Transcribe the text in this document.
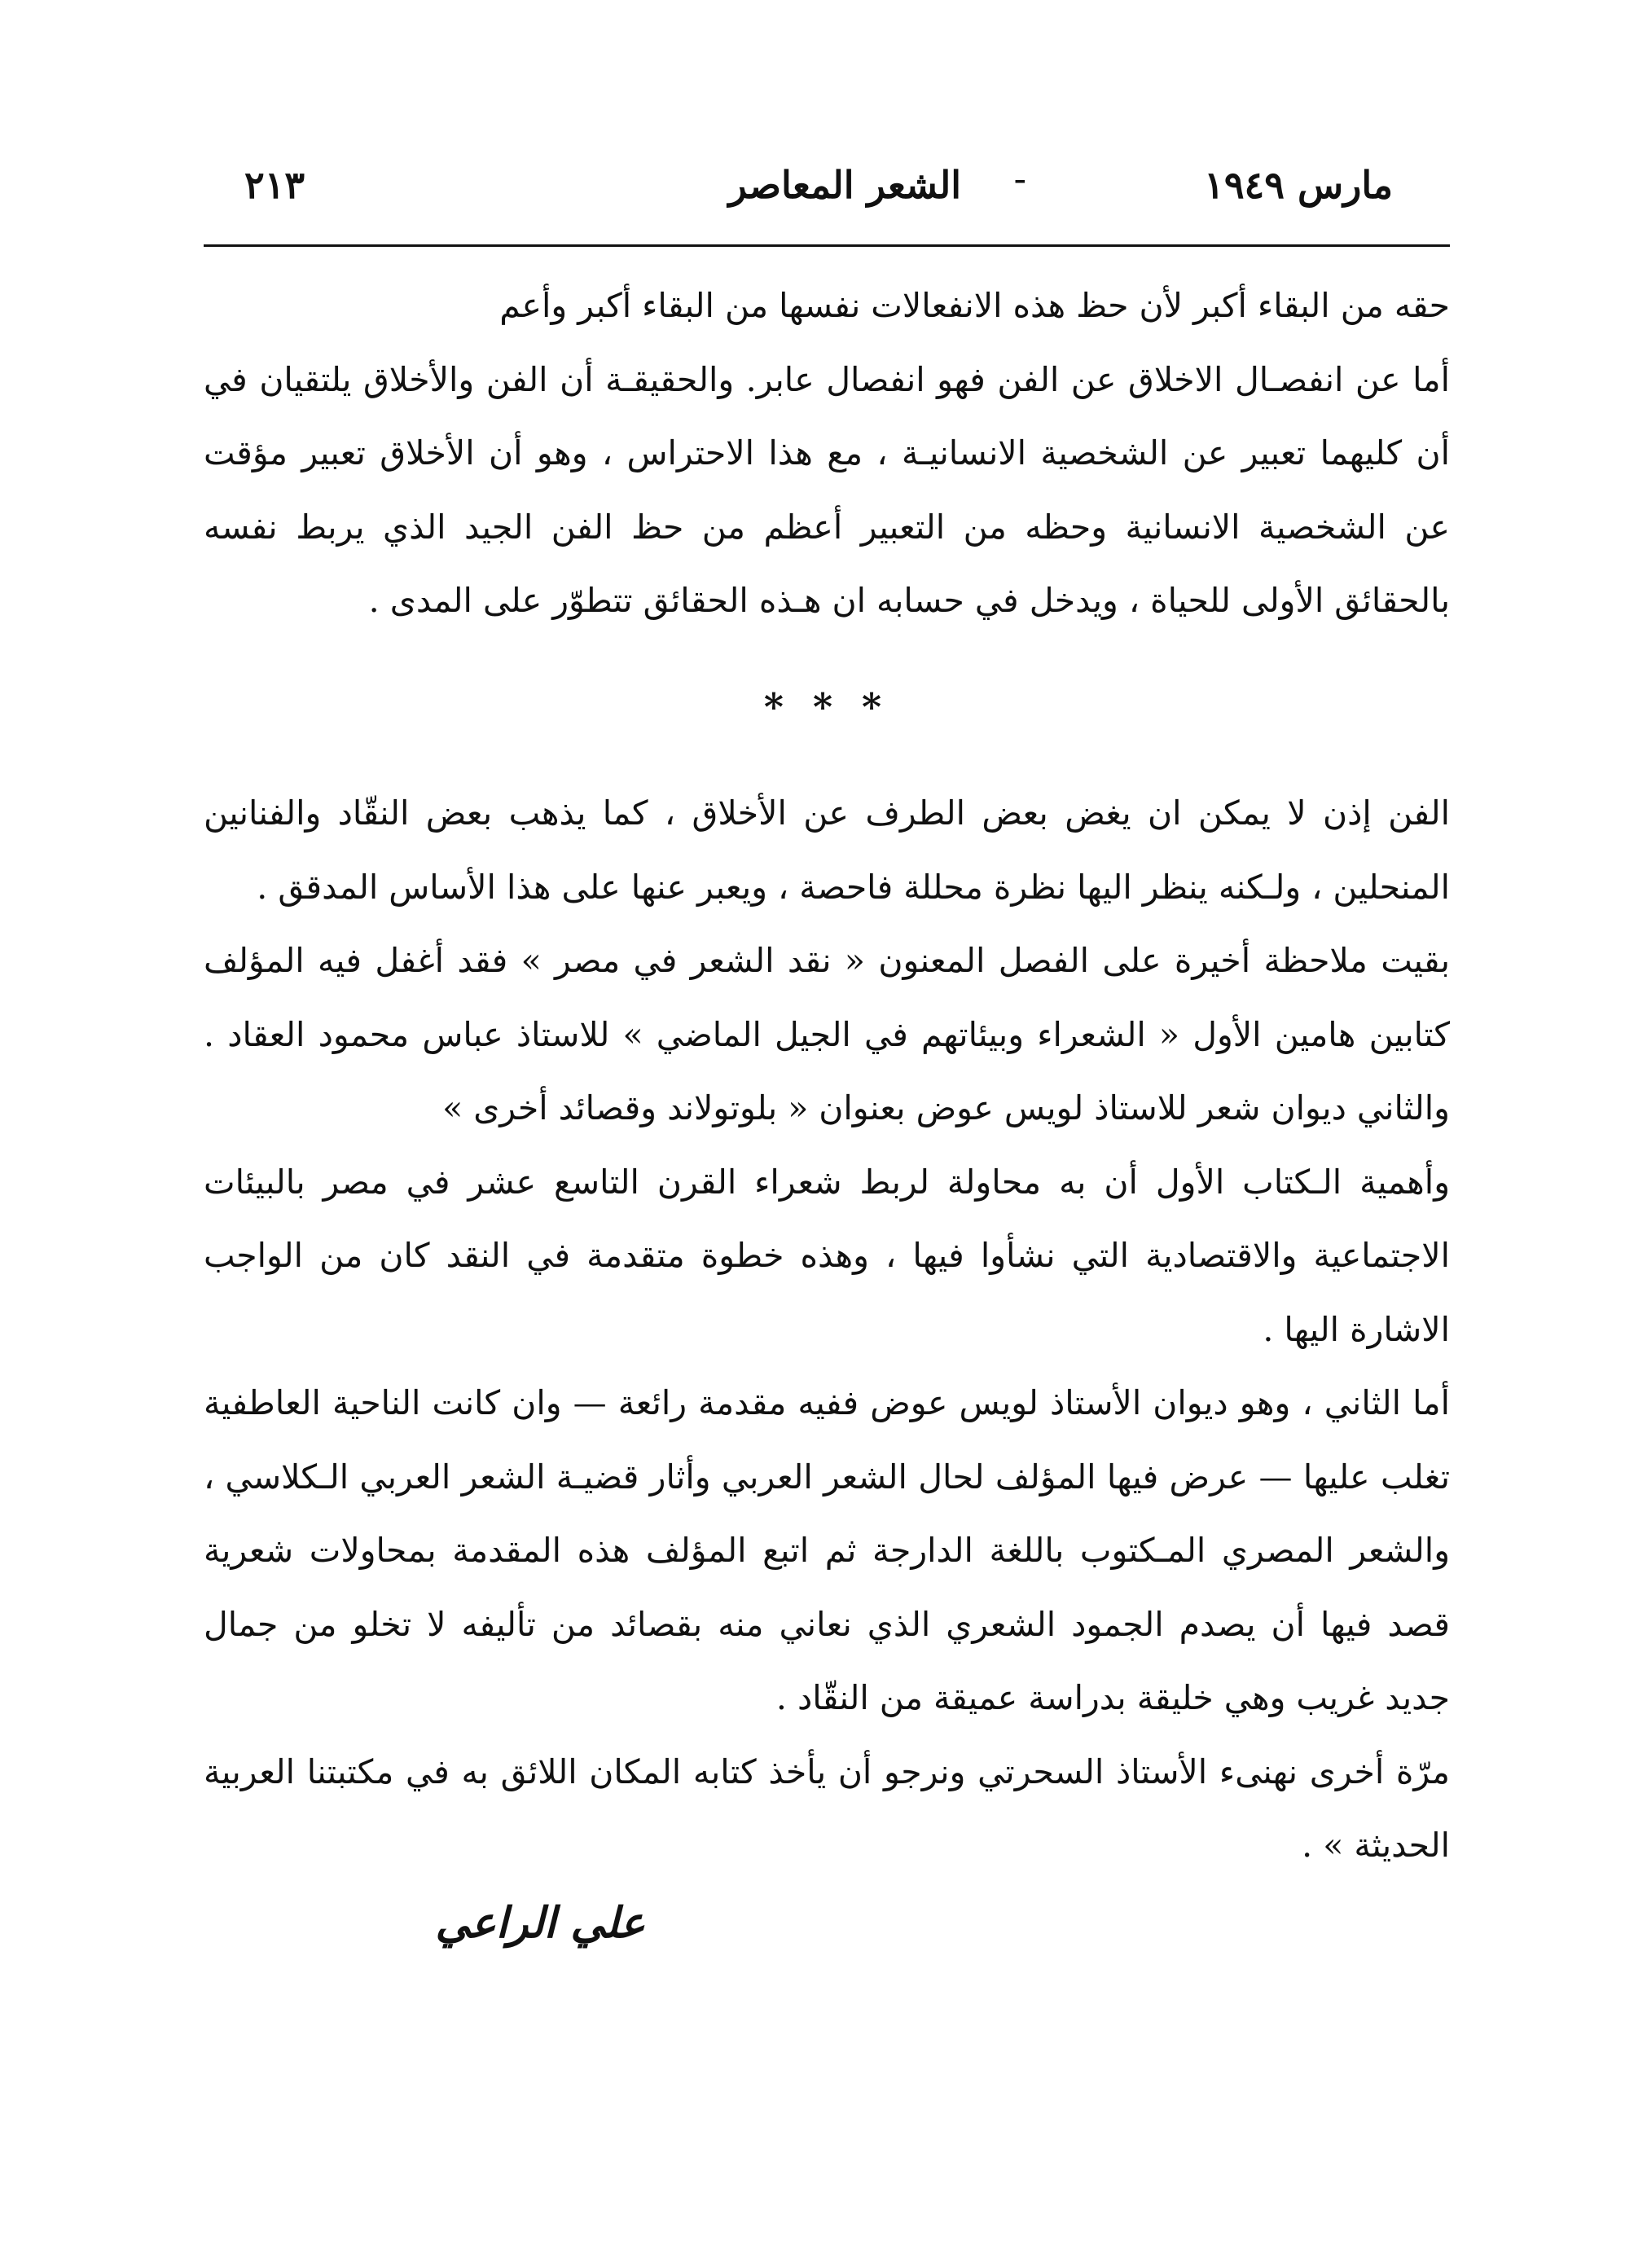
مارس ١٩٤٩
-
الشعر المعاصر
٢١٣

حقه من البقاء أكبر لأن حظ هذه الانفعالات نفسها من البقاء أكبر وأعم

أما عن انفصـال الاخلاق عن الفن فهو انفصال عابر. والحقيقـة أن الفن والأخلاق يلتقيان في أن كليهما تعبير عن الشخصية الانسانيـة ، مع هذا الاحتراس ، وهو أن الأخلاق تعبير مؤقت عن الشخصية الانسانية وحظه من التعبير أعظم من حظ الفن الجيد الذي يربط نفسه بالحقائق الأولى للحياة ، ويدخل في حسابه ان هـذه الحقائق تتطوّر على المدى .

* * *

الفن إذن لا يمكن ان يغض بعض الطرف عن الأخلاق ، كما يذهب بعض النقّاد والفنانين المنحلين ، ولـكنه ينظر اليها نظرة محللة فاحصة ، ويعبر عنها على هذا الأساس المدقق .

بقيت ملاحظة أخيرة على الفصل المعنون « نقد الشعر في مصر » فقد أغفل فيه المؤلف كتابين هامين الأول « الشعراء وبيئاتهم في الجيل الماضي » للاستاذ عباس محمود العقاد . والثاني ديوان شعر للاستاذ لويس عوض بعنوان « بلوتولاند وقصائد أخرى »

وأهمية الـكتاب الأول أن به محاولة لربط شعراء القرن التاسع عشر في مصر بالبيئات الاجتماعية والاقتصادية التي نشأوا فيها ، وهذه خطوة متقدمة في النقد كان من الواجب الاشارة اليها .

أما الثاني ، وهو ديوان الأستاذ لويس عوض ففيه مقدمة رائعة — وان كانت الناحية العاطفية تغلب عليها — عرض فيها المؤلف لحال الشعر العربي وأثار قضيـة الشعر العربي الـكلاسي ، والشعر المصري المـكتوب باللغة الدارجة ثم اتبع المؤلف هذه المقدمة بمحاولات شعرية قصد فيها أن يصدم الجمود الشعري الذي نعاني منه بقصائد من تأليفه لا تخلو من جمال جديد غريب وهي خليقة بدراسة عميقة من النقّاد .

مرّة أخرى نهنىء الأستاذ السحرتي ونرجو أن يأخذ كتابه المكان اللائق به في مكتبتنا العربية الحديثة » .

علي الراعي
